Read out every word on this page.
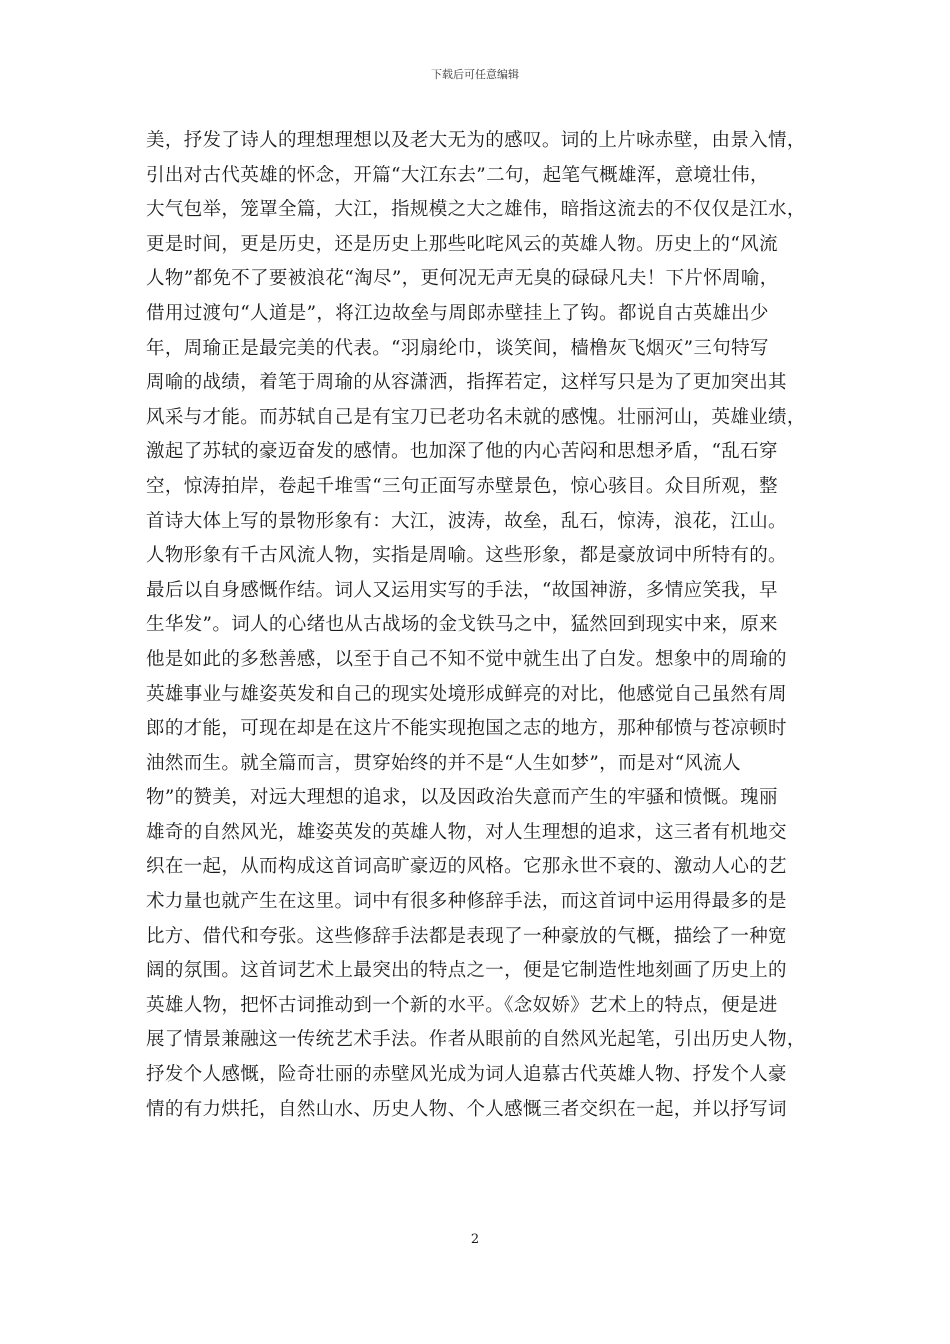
下载后可任意编辑
美，抒发了诗人的理想理想以及老大无为的感叹。词的上片咏赤壁，由景入情，
引出对古代英雄的怀念，开篇“大江东去”二句，起笔气概雄浑，意境壮伟，
大气包举，笼罩全篇，大江，指规模之大之雄伟，暗指这流去的不仅仅是江水，
更是时间，更是历史，还是历史上那些叱咤风云的英雄人物。历史上的“风流
人物”都免不了要被浪花“淘尽”，更何况无声无臭的碌碌凡夫！下片怀周喻，
借用过渡句“人道是”，将江边故垒与周郎赤壁挂上了钩。都说自古英雄出少
年，周瑜正是最完美的代表。“羽扇纶巾，谈笑间，樯橹灰飞烟灭”三句特写
周喻的战绩，着笔于周瑜的从容潇洒，指挥若定，这样写只是为了更加突出其
风采与才能。而苏轼自己是有宝刀已老功名未就的感愧。壮丽河山，英雄业绩，
激起了苏轼的豪迈奋发的感情。也加深了他的内心苦闷和思想矛盾，“乱石穿
空，惊涛拍岸，卷起千堆雪“三句正面写赤壁景色，惊心骇目。众目所观，整
首诗大体上写的景物形象有：大江，波涛，故垒，乱石，惊涛，浪花，江山。
人物形象有千古风流人物，实指是周喻。这些形象，都是豪放词中所特有的。
最后以自身感慨作结。词人又运用实写的手法，“故国神游，多情应笑我，早
生华发”。词人的心绪也从古战场的金戈铁马之中，猛然回到现实中来，原来
他是如此的多愁善感，以至于自己不知不觉中就生出了白发。想象中的周瑜的
英雄事业与雄姿英发和自己的现实处境形成鲜亮的对比，他感觉自己虽然有周
郎的才能，可现在却是在这片不能实现抱国之志的地方，那种郁愤与苍凉顿时
油然而生。就全篇而言，贯穿始终的并不是“人生如梦”，而是对“风流人
物”的赞美，对远大理想的追求，以及因政治失意而产生的牢骚和愤慨。瑰丽
雄奇的自然风光，雄姿英发的英雄人物，对人生理想的追求，这三者有机地交
织在一起，从而构成这首词高旷豪迈的风格。它那永世不衰的、激动人心的艺
术力量也就产生在这里。词中有很多种修辞手法，而这首词中运用得最多的是
比方、借代和夸张。这些修辞手法都是表现了一种豪放的气概，描绘了一种宽
阔的氛围。这首词艺术上最突出的特点之一，便是它制造性地刻画了历史上的
英雄人物，把怀古词推动到一个新的水平。《念奴娇》艺术上的特点，便是进
展了情景兼融这一传统艺术手法。作者从眼前的自然风光起笔，引出历史人物，
抒发个人感慨，险奇壮丽的赤壁风光成为词人追慕古代英雄人物、抒发个人豪
情的有力烘托，自然山水、历史人物、个人感慨三者交织在一起，并以抒写词
2
